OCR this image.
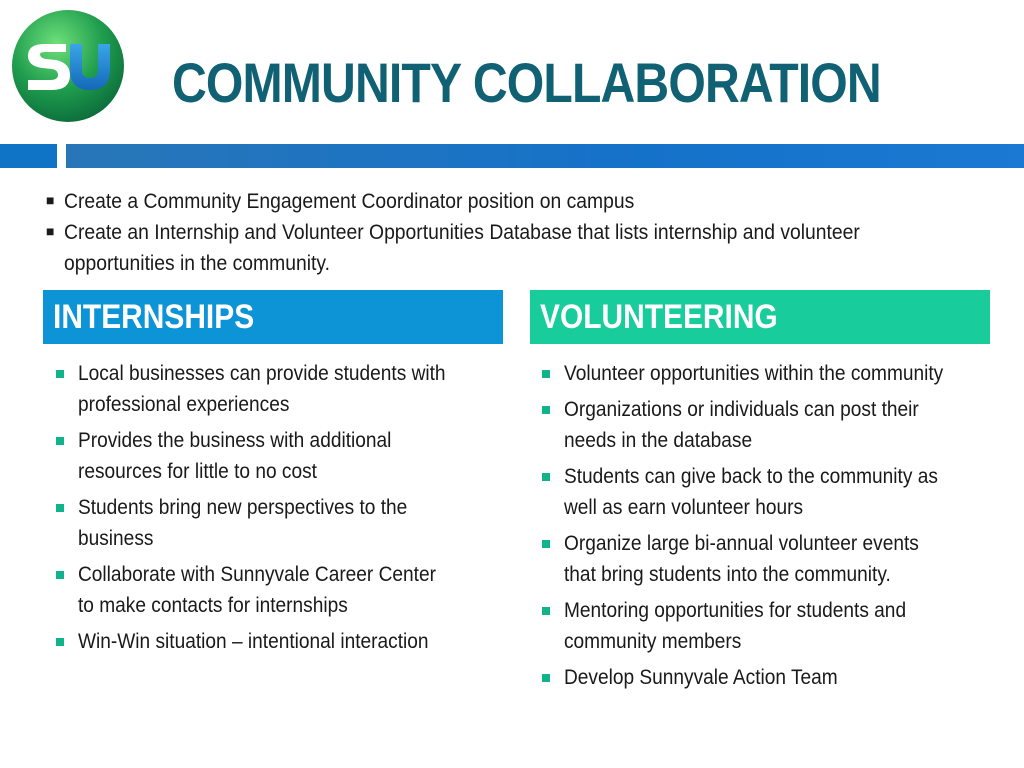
COMMUNITY COLLABORATION
■ Create a Community Engagement Coordinator position on campus
■ Create an Internship and Volunteer Opportunities Database that lists internship and volunteer
opportunities in the community.
INTERNSHIPS	VOLUNTEERING
Local businesses can provide students with
professional experiences
Provides the business with additional
resources for little to no cost
Students bring new perspectives to the
business
Collaborate with Sunnyvale Career Center
to make contacts for internships
Win-Win situation – intentional interaction
Volunteer opportunities within the community
Organizations or individuals can post their
needs in the database
Students can give back to the community as
well as earn volunteer hours
Organize large bi-annual volunteer events
that bring students into the community.
Mentoring opportunities for students and
community members
Develop Sunnyvale Action Team
